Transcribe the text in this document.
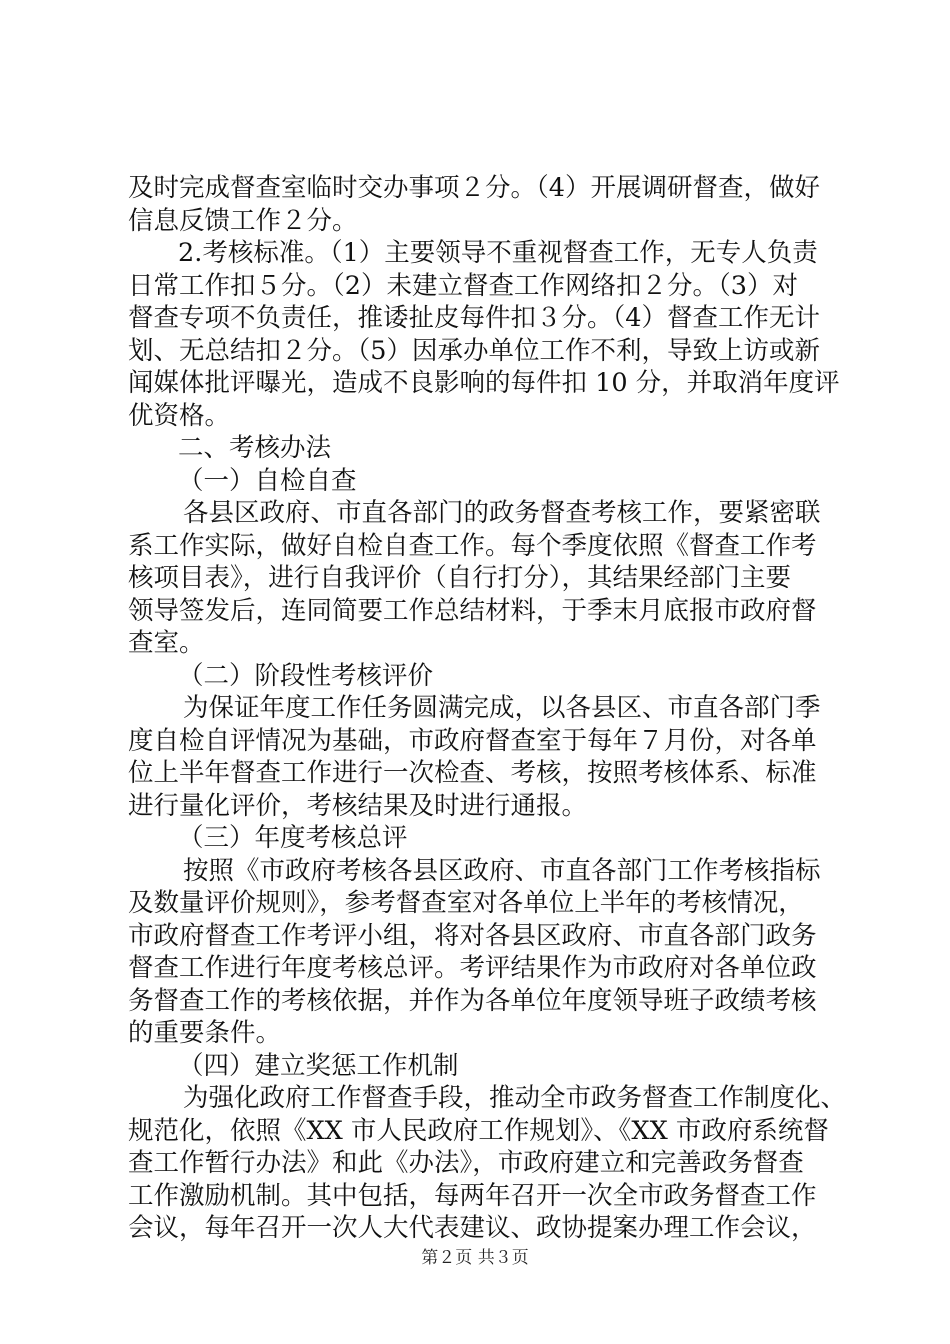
及时完成督查室临时交办事项２分。（4）开展调研督查，做好
信息反馈工作２分。
2.考核标准。（1）主要领导不重视督查工作，无专人负责
日常工作扣５分。（2）未建立督查工作网络扣２分。（3）对
督查专项不负责任，推诿扯皮每件扣３分。（4）督查工作无计
划、无总结扣２分。（5）因承办单位工作不利，导致上访或新
闻媒体批评曝光，造成不良影响的每件扣 10 分，并取消年度评
优资格。
二、考核办法
（一）自检自查
各县区政府、市直各部门的政务督查考核工作，要紧密联
系工作实际，做好自检自查工作。每个季度依照《督查工作考
核项目表》，进行自我评价（自行打分），其结果经部门主要
领导签发后，连同简要工作总结材料，于季末月底报市政府督
查室。
（二）阶段性考核评价
为保证年度工作任务圆满完成，以各县区、市直各部门季
度自检自评情况为基础，市政府督查室于每年７月份，对各单
位上半年督查工作进行一次检查、考核，按照考核体系、标准
进行量化评价，考核结果及时进行通报。
（三）年度考核总评
按照《市政府考核各县区政府、市直各部门工作考核指标
及数量评价规则》，参考督查室对各单位上半年的考核情况，
市政府督查工作考评小组，将对各县区政府、市直各部门政务
督查工作进行年度考核总评。考评结果作为市政府对各单位政
务督查工作的考核依据，并作为各单位年度领导班子政绩考核
的重要条件。
（四）建立奖惩工作机制
为强化政府工作督查手段，推动全市政务督查工作制度化、
规范化，依照《XX 市人民政府工作规划》、《XX 市政府系统督
查工作暂行办法》和此《办法》，市政府建立和完善政务督查
工作激励机制。其中包括，每两年召开一次全市政务督查工作
会议，每年召开一次人大代表建议、政协提案办理工作会议，
第２页 共３页
